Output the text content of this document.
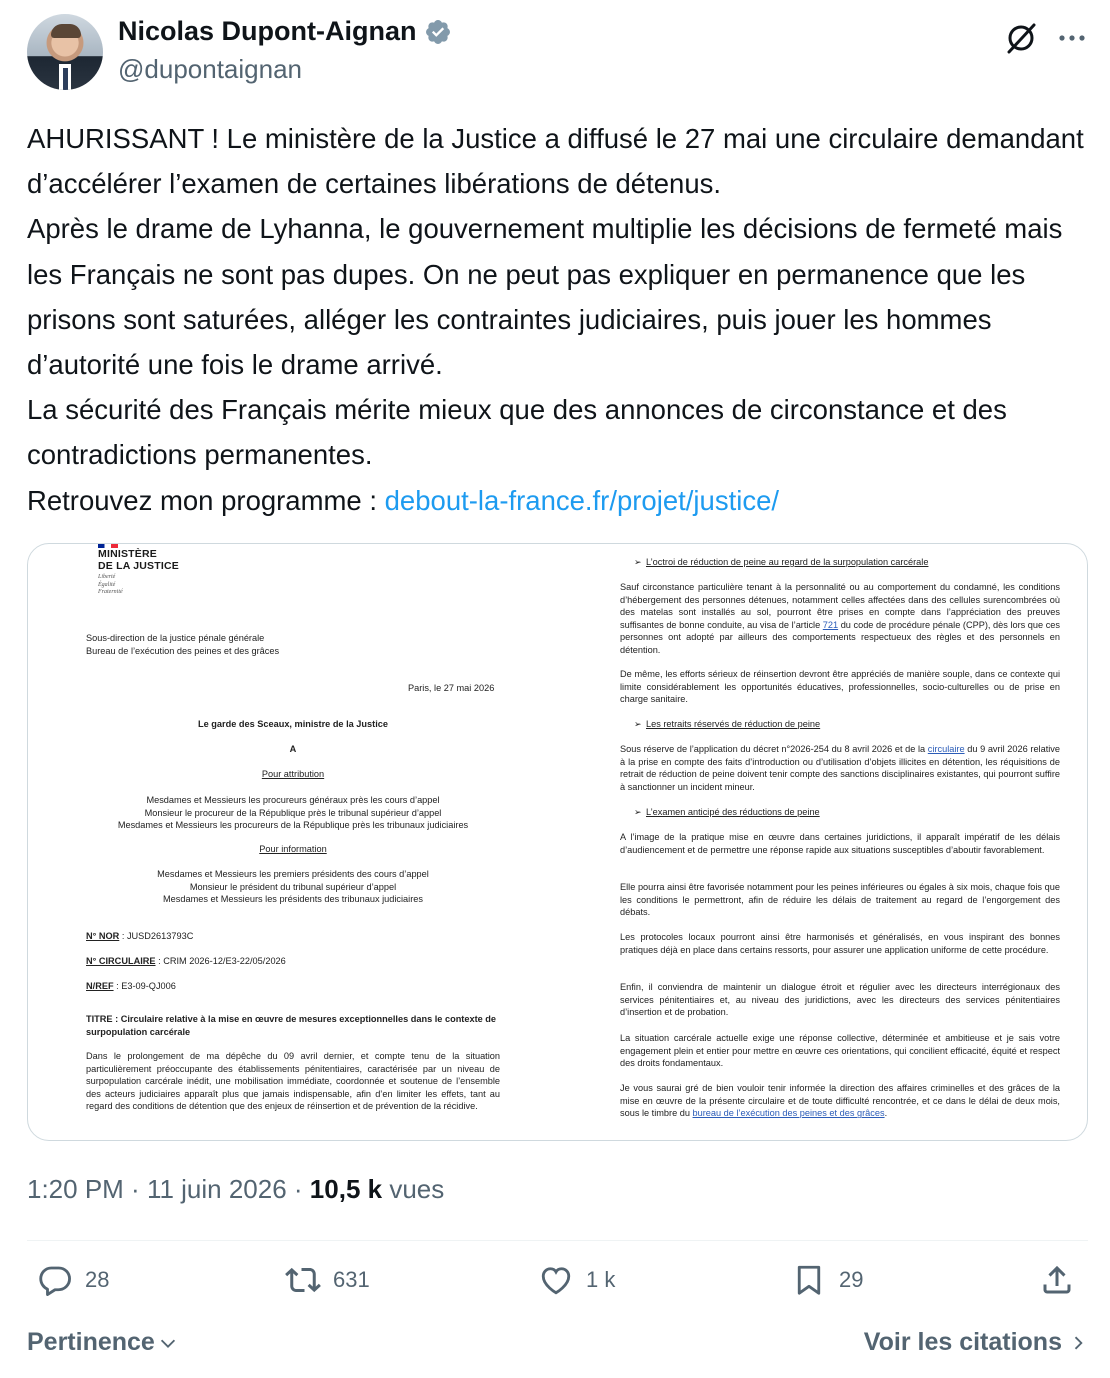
Nicolas Dupont-Aignan
@dupontaignan
AHURISSANT ! Le ministère de la Justice a diffusé le 27 mai une circulaire demandant d’accélérer l’examen de certaines libérations de détenus.
Après le drame de Lyhanna, le gouvernement multiplie les décisions de fermeté mais les Français ne sont pas dupes. On ne peut pas expliquer en permanence que les prisons sont saturées, alléger les contraintes judiciaires, puis jouer les hommes d’autorité une fois le drame arrivé.
La sécurité des Français mérite mieux que des annonces de circonstance et des contradictions permanentes.
Retrouvez mon programme : debout-la-france.fr/projet/justice/
MINISTÈRE
DE LA JUSTICE
Liberté
Égalité
Fraternité
Sous-direction de la justice pénale générale
Bureau de l’exécution des peines et des grâces
Paris, le 27 mai 2026
Le garde des Sceaux, ministre de la Justice
A
Pour attribution
Mesdames et Messieurs les procureurs généraux près les cours d’appel
Monsieur le procureur de la République près le tribunal supérieur d’appel
Mesdames et Messieurs les procureurs de la République près les tribunaux judiciaires
Pour information
Mesdames et Messieurs les premiers présidents des cours d’appel
Monsieur le président du tribunal supérieur d’appel
Mesdames et Messieurs les présidents des tribunaux judiciaires
N° NOR : JUSD2613793C
N° CIRCULAIRE : CRIM 2026-12/E3-22/05/2026
N/REF : E3-09-QJ006
TITRE : Circulaire relative à la mise en œuvre de mesures exceptionnelles dans le contexte de surpopulation carcérale
Dans le prolongement de ma dépêche du 09 avril dernier, et compte tenu de la situation particulièrement préoccupante des établissements pénitentiaires, caractérisée par un niveau de surpopulation carcérale inédit, une mobilisation immédiate, coordonnée et soutenue de l’ensemble des acteurs judiciaires apparaît plus que jamais indispensable, afin d’en limiter les effets, tant au regard des conditions de détention que des enjeux de réinsertion et de prévention de la récidive.
➢ L’octroi de réduction de peine au regard de la surpopulation carcérale
Sauf circonstance particulière tenant à la personnalité ou au comportement du condamné, les conditions d’hébergement des personnes détenues, notamment celles affectées dans des cellules surencombrées où des matelas sont installés au sol, pourront être prises en compte dans l’appréciation des preuves suffisantes de bonne conduite, au visa de l’article 721 du code de procédure pénale (CPP), dès lors que ces personnes ont adopté par ailleurs des comportements respectueux des règles et des personnels en détention.
De même, les efforts sérieux de réinsertion devront être appréciés de manière souple, dans ce contexte qui limite considérablement les opportunités éducatives, professionnelles, socio-culturelles ou de prise en charge sanitaire.
➢ Les retraits réservés de réduction de peine
Sous réserve de l’application du décret n°2026-254 du 8 avril 2026 et de la circulaire du 9 avril 2026 relative à la prise en compte des faits d’introduction ou d’utilisation d’objets illicites en détention, les réquisitions de retrait de réduction de peine doivent tenir compte des sanctions disciplinaires existantes, qui pourront suffire à sanctionner un incident mineur.
➢ L’examen anticipé des réductions de peine
A l’image de la pratique mise en œuvre dans certaines juridictions, il apparaît impératif de les délais d’audiencement et de permettre une réponse rapide aux situations susceptibles d’aboutir favorablement.
Elle pourra ainsi être favorisée notamment pour les peines inférieures ou égales à six mois, chaque fois que les conditions le permettront, afin de réduire les délais de traitement au regard de l’engorgement des débats.
Les protocoles locaux pourront ainsi être harmonisés et généralisés, en vous inspirant des bonnes pratiques déjà en place dans certains ressorts, pour assurer une application uniforme de cette procédure.
Enfin, il conviendra de maintenir un dialogue étroit et régulier avec les directeurs interrégionaux des services pénitentiaires et, au niveau des juridictions, avec les directeurs des services pénitentiaires d’insertion et de probation.
La situation carcérale actuelle exige une réponse collective, déterminée et ambitieuse et je sais votre engagement plein et entier pour mettre en œuvre ces orientations, qui concilient efficacité, équité et respect des droits fondamentaux.
Je vous saurai gré de bien vouloir tenir informée la direction des affaires criminelles et des grâces de la mise en œuvre de la présente circulaire et de toute difficulté rencontrée, et ce dans le délai de deux mois, sous le timbre du bureau de l’exécution des peines et des grâces.
1:20 PM · 11 juin 2026 · 10,5 k vues
28	631	1 k	29
Pertinence	Voir les citations
